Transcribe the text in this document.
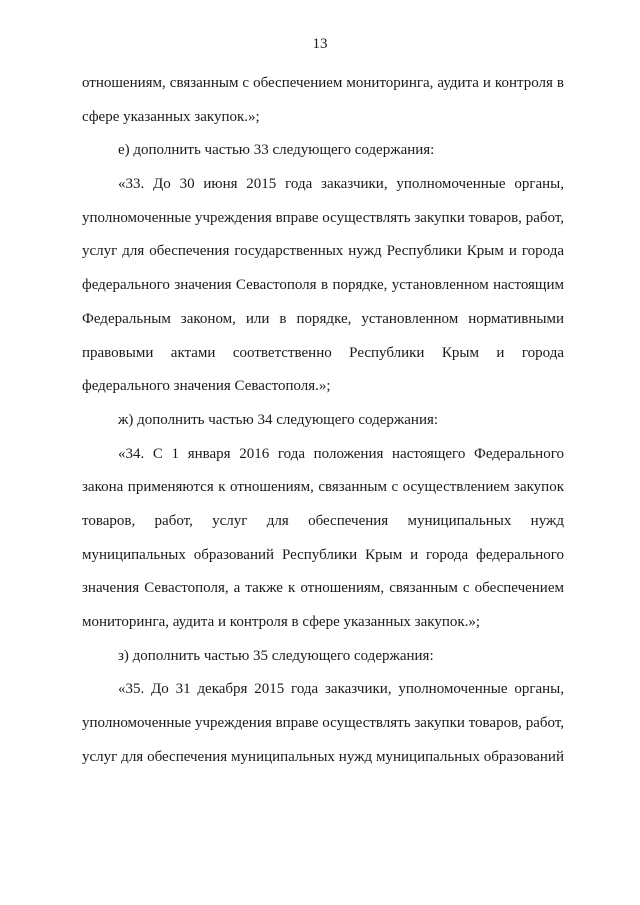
13
отношениям, связанным с обеспечением мониторинга, аудита и контроля в
сфере указанных закупок.»;
е) дополнить частью 33 следующего содержания:
«33. До 30 июня 2015 года заказчики, уполномоченные органы,
уполномоченные учреждения вправе осуществлять закупки товаров, работ,
услуг для обеспечения государственных нужд Республики Крым и города
федерального значения Севастополя в порядке, установленном настоящим
Федеральным законом, или в порядке, установленном нормативными
правовыми актами соответственно Республики Крым и города
федерального значения Севастополя.»;
ж) дополнить частью 34 следующего содержания:
«34. С 1 января 2016 года положения настоящего Федерального
закона применяются к отношениям, связанным с осуществлением закупок
товаров, работ, услуг для обеспечения муниципальных нужд
муниципальных образований Республики Крым и города федерального
значения Севастополя, а также к отношениям, связанным с обеспечением
мониторинга, аудита и контроля в сфере указанных закупок.»;
з) дополнить частью 35 следующего содержания:
«35. До 31 декабря 2015 года заказчики, уполномоченные органы,
уполномоченные учреждения вправе осуществлять закупки товаров, работ,
услуг для обеспечения муниципальных нужд муниципальных образований
